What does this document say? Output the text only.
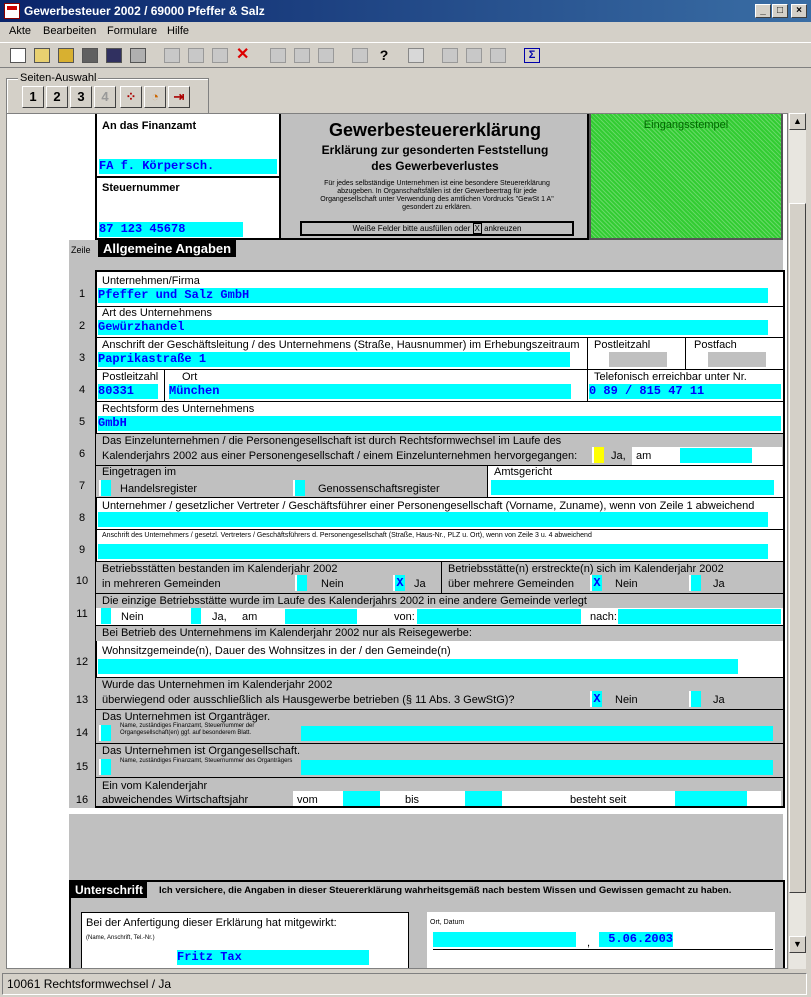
Gewerbesteuer 2002 / 69000 Pfeffer & Salz	_	□	×
Akte Bearbeiten Formulare Hilfe
✕	?	Σ
Seiten-Auswahl
1	2	3	4	⁘	◔	⇥
An das Finanzamt
FA f. Körpersch.
Steuernummer
87 123 45678
Gewerbesteuererklärung
Erklärung zur gesonderten Feststellung
des Gewerbeverlustes
Für jedes selbständige Unternehmen ist eine besondere Steuererklärung abzugeben. In Organschaftsfällen ist der Gewerbeertrag für jede Organgesellschaft unter Verwendung des amtlichen Vordrucks "GewSt 1 A" gesondert zu erklären.
Weiße Felder bitte ausfüllen oder X ankreuzen
Eingangsstempel
Zeile Allgemeine Angaben
Unternehmen/Firma
Pfeffer und Salz GmbH
1
Art des Unternehmens
Gewürzhandel
2
Anschrift der Geschäftsleitung / des Unternehmens (Straße, Hausnummer) im Erhebungszeitraum
Paprikastraße 1
Postleitzahl	Postfach
3
Postleitzahl
80331
Ort
München
Telefonisch erreichbar unter Nr.
0 89 / 815 47 11
4
Rechtsform des Unternehmens
GmbH
5
Das Einzelunternehmen / die Personengesellschaft ist durch Rechtsformwechsel im Laufe des
Kalenderjahrs 2002 aus einer Personengesellschaft / einem Einzelunternehmen hervorgegangen:	Ja, am
6
Eingetragen im
Handelsregister	Genossenschaftsregister
Amtsgericht
7
Unternehmer / gesetzlicher Vertreter / Geschäftsführer einer Personengesellschaft (Vorname, Zuname), wenn von Zeile 1 abweichend
8
Anschrift des Unternehmers / gesetzl. Vertreters / Geschäftsführers d. Personengesellschaft (Straße, Haus-Nr., PLZ u. Ort), wenn von Zeile 3 u. 4 abweichend
9
Betriebsstätten bestanden im Kalenderjahr 2002
in mehreren Gemeinden	Nein	X Ja
Betriebsstätte(n) erstreckte(n) sich im Kalenderjahr 2002
über mehrere Gemeinden X Nein	Ja
10
Die einzige Betriebsstätte wurde im Laufe des Kalenderjahrs 2002 in eine andere Gemeinde verlegt
Nein	Ja, am	von:	nach:
11
Bei Betrieb des Unternehmens im Kalenderjahr 2002 nur als Reisegewerbe:
Wohnsitzgemeinde(n), Dauer des Wohnsitzes in der / den Gemeinde(n)
12
Wurde das Unternehmen im Kalenderjahr 2002
überwiegend oder ausschließlich als Hausgewerbe betrieben (§ 11 Abs. 3 GewStG)?	X Nein	Ja
13
Das Unternehmen ist Organträger.
Name, zuständiges Finanzamt, Steuernummer der Organgesellschaft(en) ggf. auf besonderem Blatt.
14
Das Unternehmen ist Organgesellschaft.
Name, zuständiges Finanzamt, Steuernummer des Organträgers
15
Ein vom Kalenderjahr
abweichendes Wirtschaftsjahr	vom	bis	besteht seit
16
Unterschrift	Ich versichere, die Angaben in dieser Steuererklärung wahrheitsgemäß nach bestem Wissen und Gewissen gemacht zu haben.
Bei der Anfertigung dieser Erklärung hat mitgewirkt:
(Name, Anschrift, Tel.-Nr.)
Fritz Tax
Ort, Datum
,	5.06.2003
▲
▼
10061 Rechtsformwechsel / Ja
